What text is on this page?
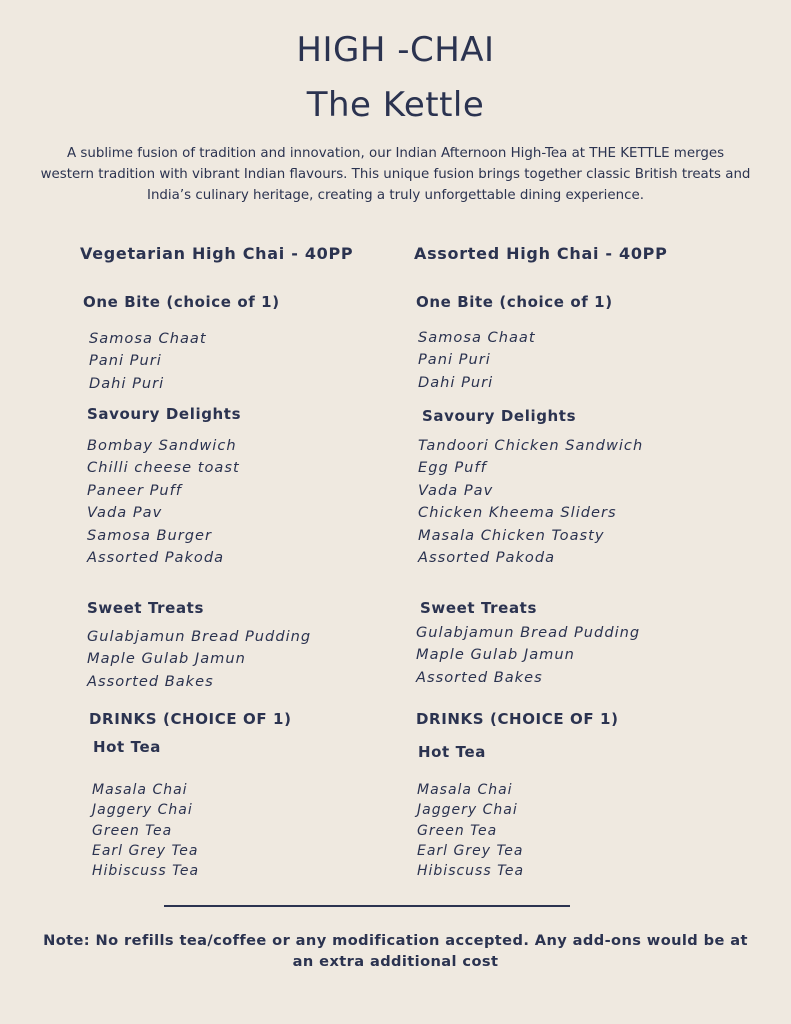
HIGH -CHAI
The Kettle

A sublime fusion of tradition and innovation, our Indian Afternoon High-Tea at THE KETTLE merges western tradition with vibrant Indian flavours. This unique fusion brings together classic British treats and India’s culinary heritage, creating a truly unforgettable dining experience.

Vegetarian High Chai - 40PP
One Bite (choice of 1)
Samosa Chaat
Pani Puri
Dahi Puri
Savoury Delights
Bombay Sandwich
Chilli cheese toast
Paneer Puff
Vada Pav
Samosa Burger
Assorted Pakoda
Sweet Treats
Gulabjamun Bread Pudding
Maple Gulab Jamun
Assorted Bakes
DRINKS (CHOICE OF 1)
Hot Tea
Masala Chai
Jaggery Chai
Green Tea
Earl Grey Tea
Hibiscuss Tea
Assorted High Chai - 40PP
One Bite (choice of 1)
Samosa Chaat
Pani Puri
Dahi Puri
Savoury Delights
Tandoori Chicken Sandwich
Egg Puff
Vada Pav
Chicken Kheema Sliders
Masala Chicken Toasty
Assorted Pakoda
Sweet Treats
Gulabjamun Bread Pudding
Maple Gulab Jamun
Assorted Bakes
DRINKS (CHOICE OF 1)
Hot Tea
Masala Chai
Jaggery Chai
Green Tea
Earl Grey Tea
Hibiscuss Tea

Note: No refills tea/coffee or any modification accepted. Any add-ons would be at an extra additional cost
